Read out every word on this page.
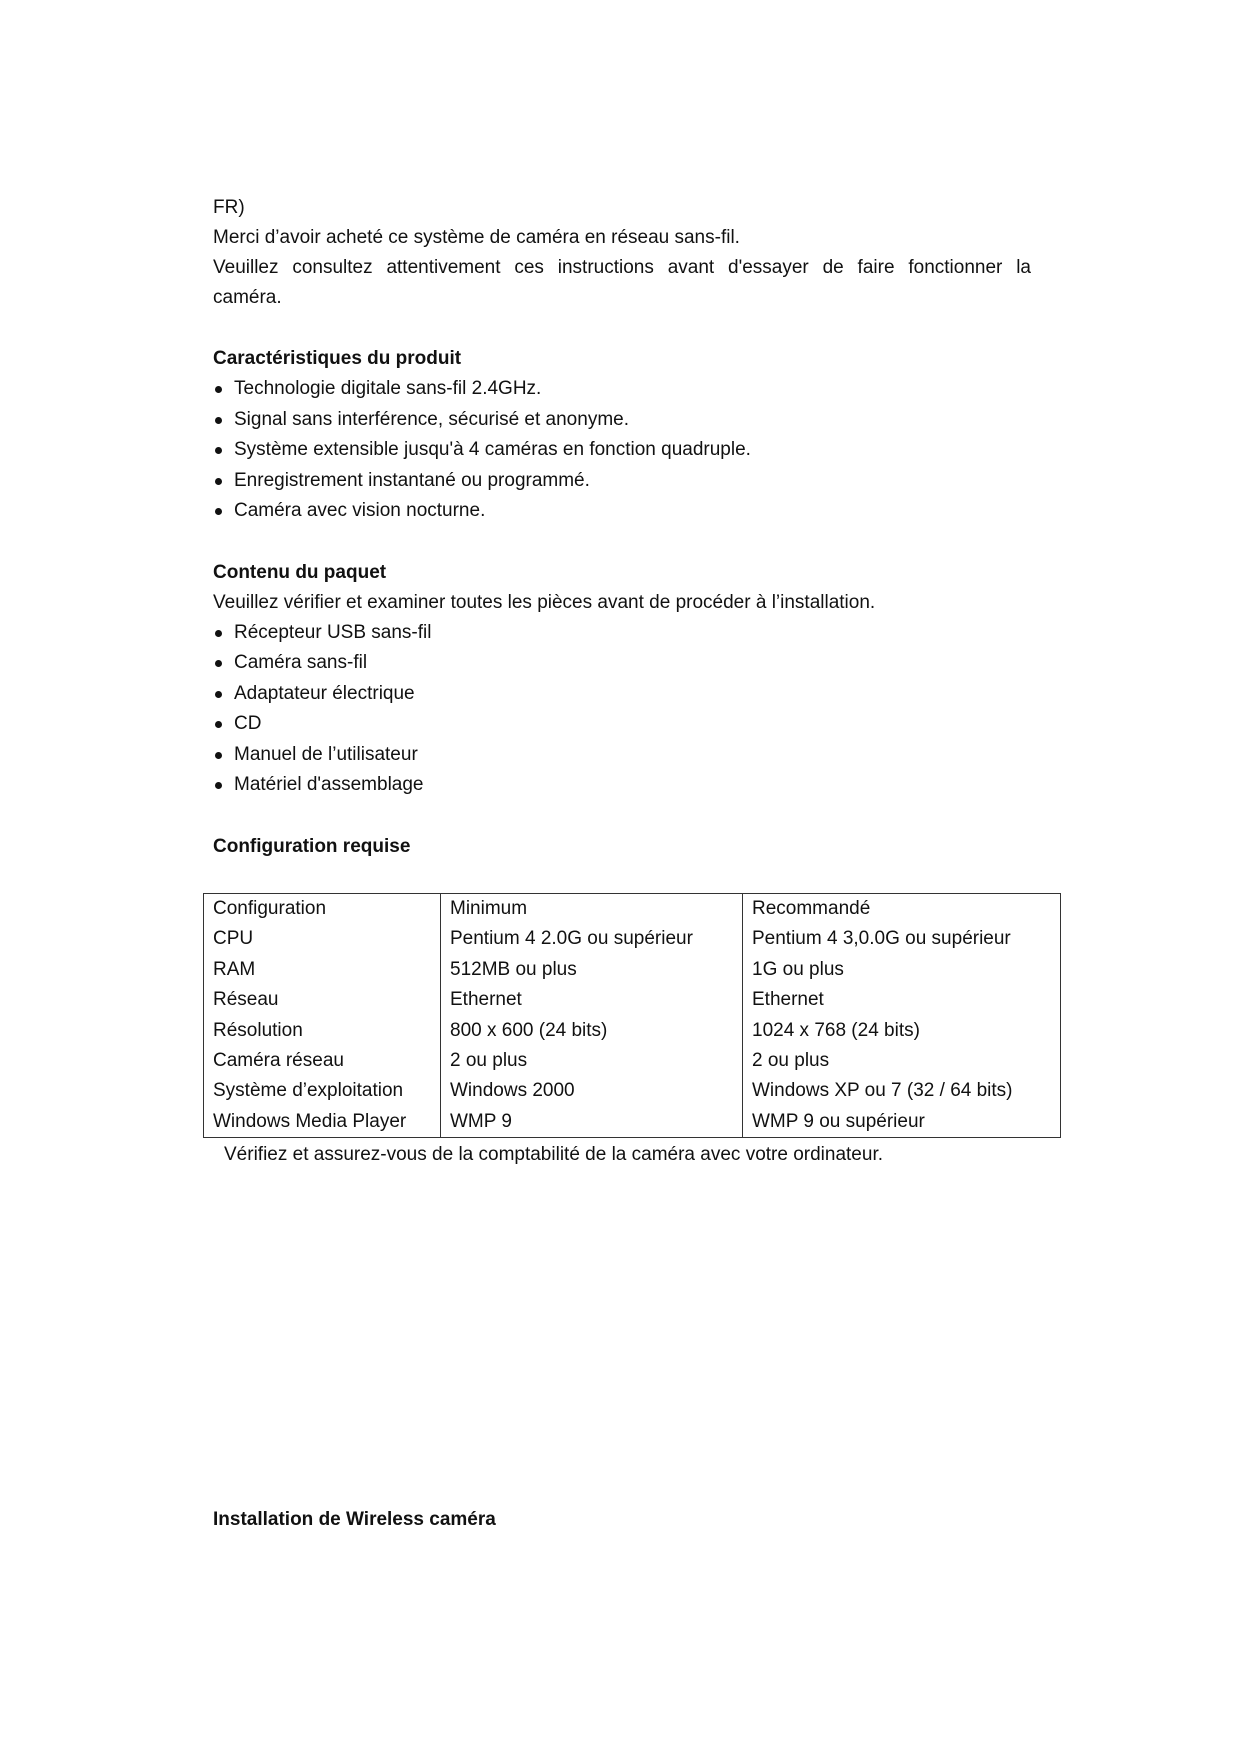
FR)
Merci d’avoir acheté ce système de caméra en réseau sans-fil.
Veuillez consultez attentivement ces instructions avant d'essayer de faire fonctionner la
caméra.
Caractéristiques du produit
Technologie digitale sans-fil 2.4GHz.
Signal sans interférence, sécurisé et anonyme.
Système extensible jusqu'à 4 caméras en fonction quadruple.
Enregistrement instantané ou programmé.
Caméra avec vision nocturne.
Contenu du paquet
Veuillez vérifier et examiner toutes les pièces avant de procéder à l’installation.
Récepteur USB sans-fil
Caméra sans-fil
Adaptateur électrique
CD
Manuel de l’utilisateur
Matériel d'assemblage
Configuration requise
Configuration	Minimum	Recommandé
CPU	Pentium 4 2.0G ou supérieur	Pentium 4 3,0.0G ou supérieur
RAM	512MB ou plus	1G ou plus
Réseau	Ethernet	Ethernet
Résolution	800 x 600 (24 bits)	1024 x 768 (24 bits)
Caméra réseau	2 ou plus	2 ou plus
Système d’exploitation	Windows 2000	Windows XP ou 7 (32 / 64 bits)
Windows Media Player	WMP 9	WMP 9 ou supérieur
Vérifiez et assurez-vous de la comptabilité de la caméra avec votre ordinateur.
Installation de Wireless caméra
